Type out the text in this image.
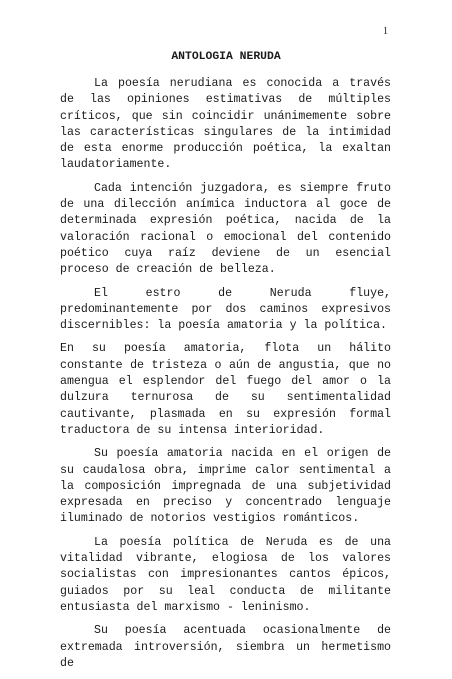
1
ANTOLOGIA NERUDA

La poesía nerudiana es conocida a través de las opiniones estimativas de múltiples críticos, que sin coincidir unánimemente sobre las características singulares de la intimidad de esta enorme producción poética, la exaltan laudatoriamente.

Cada intención juzgadora, es siempre fruto de una dilección anímica inductora al goce de determinada expresión poética, nacida de la valoración racional o emocional del contenido poético cuya raíz deviene de un esencial proceso de creación de belleza.

El estro de Neruda fluye, predominantemente por dos caminos expresivos discernibles: la poesía amatoria y la política.

En su poesía amatoria, flota un hálito constante de tristeza o aún de angustia, que no amengua el esplendor del fuego del amor o la dulzura ternurosa de su sentimentalidad cautivante, plasmada en su expresión formal traductora de su intensa interioridad.

Su poesía amatoria nacida en el origen de su caudalosa obra, imprime calor sentimental a la composición impregnada de una subjetividad expresada en preciso y concentrado lenguaje iluminado de notorios vestigios románticos.

La poesía política de Neruda es de una vitalidad vibrante, elogiosa de los valores socialistas con impresionantes cantos épicos, guiados por su leal conducta de militante entusiasta del marxismo - leninismo.

Su poesía acentuada ocasionalmente de extremada introversión, siembra un hermetismo de
